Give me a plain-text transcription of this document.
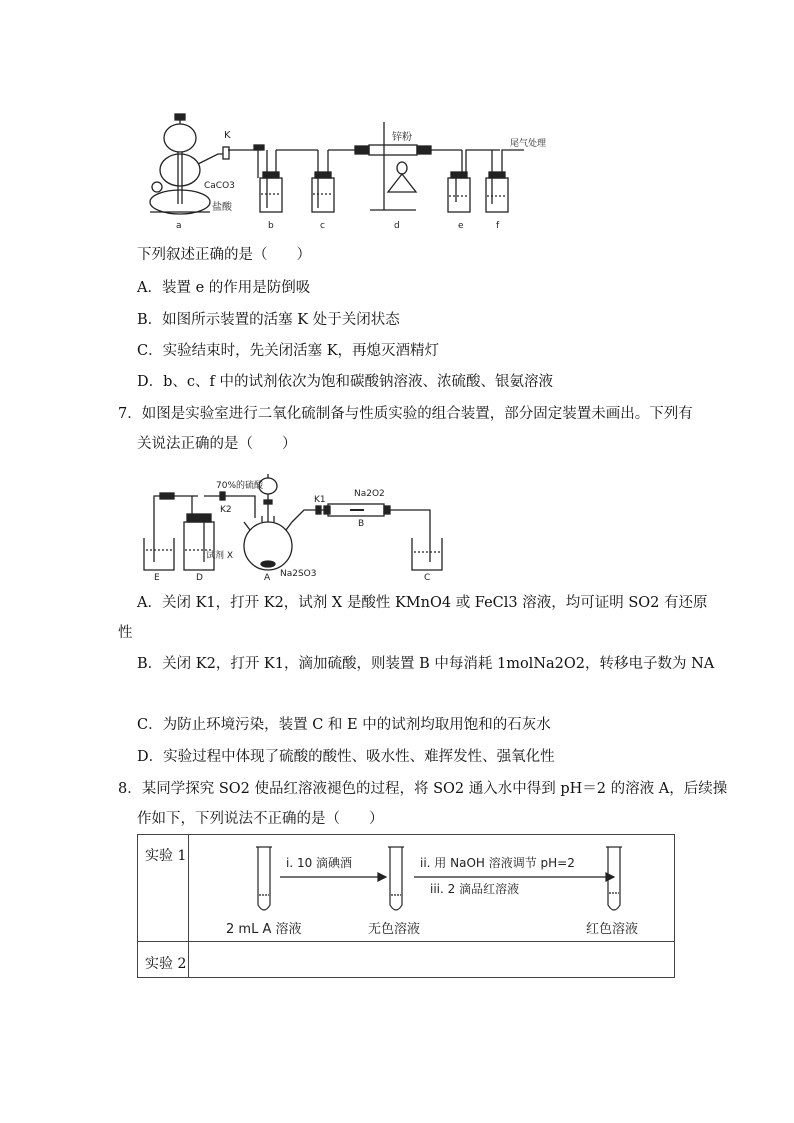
K
CaCO3
盐酸
锌粉
尾气处理
a	b	c	d	e	f
下列叙述正确的是（　　）
A．装置 e 的作用是防倒吸
B．如图所示装置的活塞 K 处于关闭状态
C．实验结束时，先关闭活塞 K，再熄灭酒精灯
D．b、c、f 中的试剂依次为饱和碳酸钠溶液、浓硫酸、银氨溶液
7．如图是实验室进行二氧化硫制备与性质实验的组合装置，部分固定装置未画出。下列有
关说法正确的是（　　）
70%的硫酸
K2
K1
Na2O2
B
试剂 X
Na2SO3
E	D	A	C
A．关闭 K1，打开 K2，试剂 X 是酸性 KMnO4 或 FeCl3 溶液，均可证明 SO2 有还原
性
B．关闭 K2，打开 K1，滴加硫酸，则装置 B 中每消耗 1molNa2O2，转移电子数为 NA
C．为防止环境污染，装置 C 和 E 中的试剂均取用饱和的石灰水
D．实验过程中体现了硫酸的酸性、吸水性、难挥发性、强氧化性
8．某同学探究 SO2 使品红溶液褪色的过程，将 SO2 通入水中得到 pH＝2 的溶液 A，后续操
作如下，下列说法不正确的是（　　）
实验 1
实验 2
i. 10 滴碘酒	ii. 用 NaOH 溶液调节 pH=2
iii. 2 滴品红溶液
2 mL A 溶液	无色溶液	红色溶液
